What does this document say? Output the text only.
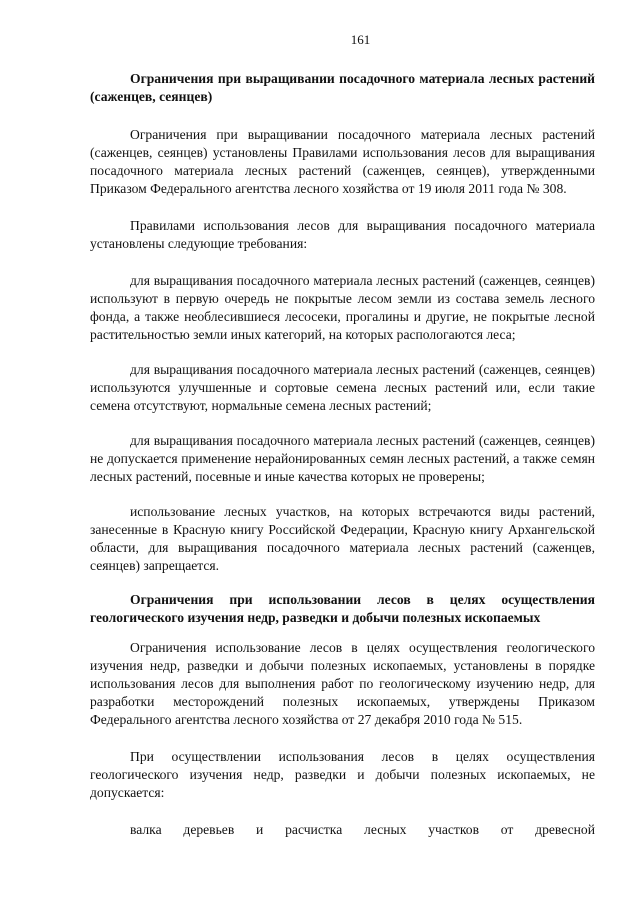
161

Ограничения при выращивании посадочного материала лесных растений (саженцев, сеянцев)

Ограничения при выращивании посадочного материала лесных растений (саженцев, сеянцев) установлены Правилами использования лесов для выращивания посадочного материала лесных растений (саженцев, сеянцев), утвержденными Приказом Федерального агентства лесного хозяйства от 19 июля 2011 года № 308.

Правилами использования лесов для выращивания посадочного материала установлены следующие требования:

для выращивания посадочного материала лесных растений (саженцев, сеянцев) используют в первую очередь не покрытые лесом земли из состава земель лесного фонда, а также необлесившиеся лесосеки, прогалины и другие, не покрытые лесной растительностью земли иных категорий, на которых распологаются леса;

для выращивания посадочного материала лесных растений (саженцев, сеянцев) используются улучшенные и сортовые семена лесных растений или, если такие семена отсутствуют, нормальные семена лесных растений;

для выращивания посадочного материала лесных растений (саженцев, сеянцев) не допускается применение нерайонированных семян лесных растений, а также семян лесных растений, посевные и иные качества которых не проверены;

использование лесных участков, на которых встречаются виды растений, занесенные в Красную книгу Российской Федерации, Красную книгу Архангельской области, для выращивания посадочного материала лесных растений (саженцев, сеянцев) запрещается.

Ограничения при использовании лесов в целях осуществления геологического изучения недр, разведки и добычи полезных ископаемых

Ограничения использование лесов в целях осуществления геологического изучения недр, разведки и добычи полезных ископаемых, установлены в порядке использования лесов для выполнения работ по геологическому изучению недр, для разработки месторождений полезных ископаемых, утверждены Приказом Федерального агентства лесного хозяйства от 27 декабря 2010 года № 515.

При осуществлении использования лесов в целях осуществления геологического изучения недр, разведки и добычи полезных ископаемых, не допускается:

валка деревьев и расчистка лесных участков от древесной
